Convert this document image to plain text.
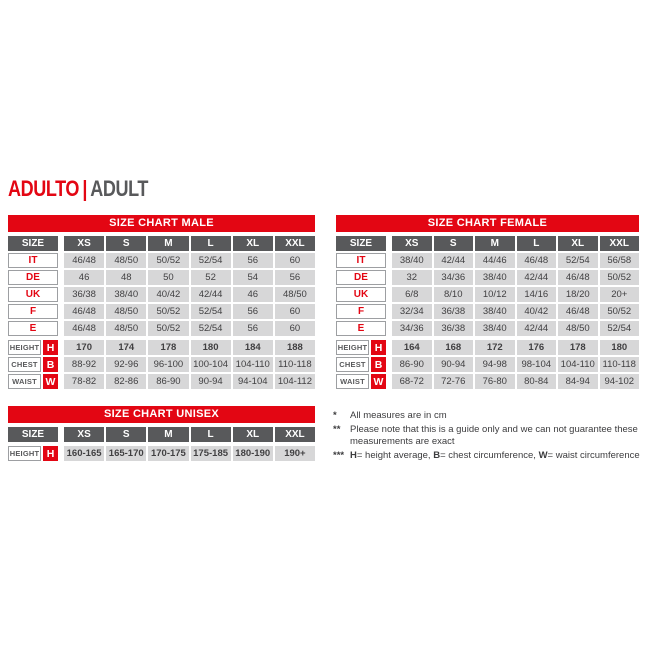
ADULTO | ADULT
SIZE CHART MALE
SIZE	XS	S	M	L	XL	XXL
IT	46/48	48/50	50/52	52/54	56	60
DE	46	48	50	52	54	56
UK	36/38	38/40	40/42	42/44	46	48/50
F	46/48	48/50	50/52	52/54	56	60
E	46/48	48/50	50/52	52/54	56	60
HEIGHT H	170	174	178	180	184	188
CHEST B	88-92	92-96	96-100	100-104 104-110 110-118
WAIST W	78-82	82-86	86-90	90-94	94-104	104-112
SIZE CHART FEMALE
SIZE	XS	S	M	L	XL	XXL
IT	38/40	42/44	44/46	46/48	52/54	56/58
DE	32	34/36	38/40	42/44	46/48	50/52
UK	6/8	8/10	10/12	14/16	18/20	20+
F	32/34	36/38	38/40	40/42	46/48	50/52
E	34/36	36/38	38/40	42/44	48/50	52/54
HEIGHT H	164	168	172	176	178	180
CHEST B	86-90	90-94	94-98	98-104	104-110 110-118
WAIST W	68-72	72-76	76-80	80-84	84-94	94-102
SIZE CHART UNISEX
SIZE	XS	S	M	L	XL	XXL
HEIGHT H	160-165 165-170 170-175 175-185 180-190	190+
*	All measures are in cm
**	Please note that this is a guide only and we can not guarantee these measurements are exact
*** H= height average, B= chest circumference, W= waist circumference
